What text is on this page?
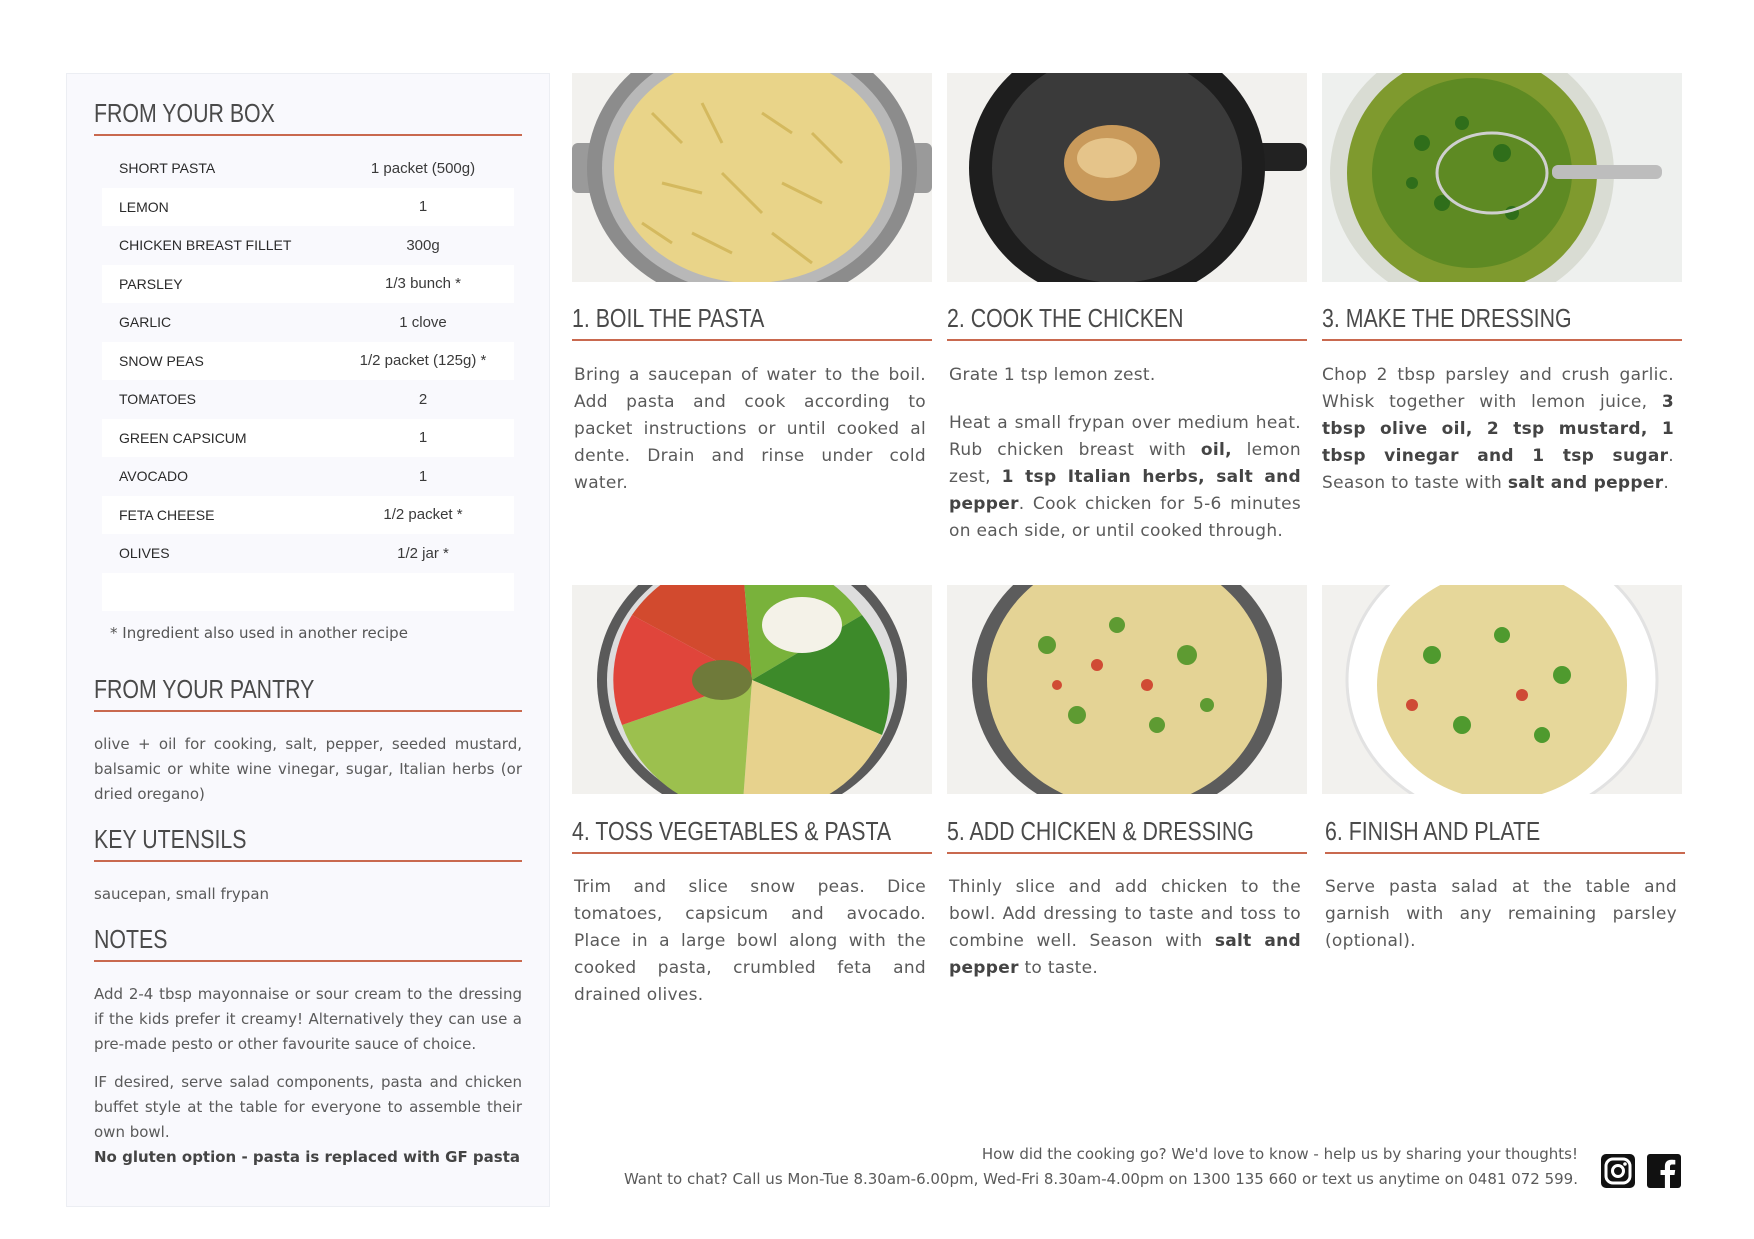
FROM YOUR BOX
SHORT PASTA	1 packet (500g)
LEMON	1
CHICKEN BREAST FILLET	300g
PARSLEY	1/3 bunch *
GARLIC	1 clove
SNOW PEAS	1/2 packet (125g) *
TOMATOES	2
GREEN CAPSICUM	1
AVOCADO	1
FETA CHEESE	1/2 packet *
OLIVES	1/2 jar *
* Ingredient also used in another recipe
FROM YOUR PANTRY
olive + oil for cooking, salt, pepper, seeded mustard, balsamic or white wine vinegar, sugar, Italian herbs (or dried oregano)
KEY UTENSILS
saucepan, small frypan
NOTES
Add 2-4 tbsp mayonnaise or sour cream to the dressing if the kids prefer it creamy! Alternatively they can use a pre-made pesto or other favourite sauce of choice.
IF desired, serve salad components, pasta and chicken buffet style at the table for everyone to assemble their own bowl.
No gluten option - pasta is replaced with GF pasta
1. BOIL THE PASTA

Bring a saucepan of water to the boil. Add pasta and cook according to packet instructions or until cooked al dente. Drain and rinse under cold water.

2. COOK THE CHICKEN

Grate 1 tsp lemon zest.

Heat a small frypan over medium heat. Rub chicken breast with oil, lemon zest, 1 tsp Italian herbs, salt and pepper. Cook chicken for 5-6 minutes on each side, or until cooked through.

3. MAKE THE DRESSING

Chop 2 tbsp parsley and crush garlic. Whisk together with lemon juice, 3 tbsp olive oil, 2 tsp mustard, 1 tbsp vinegar and 1 tsp sugar. Season to taste with salt and pepper.

4. TOSS VEGETABLES & PASTA

Trim and slice snow peas. Dice tomatoes, capsicum and avocado. Place in a large bowl along with the cooked pasta, crumbled feta and drained olives.

5. ADD CHICKEN & DRESSING

Thinly slice and add chicken to the bowl. Add dressing to taste and toss to combine well. Season with salt and pepper to taste.

6. FINISH AND PLATE

Serve pasta salad at the table and garnish with any remaining parsley (optional).

How did the cooking go? We'd love to know - help us by sharing your thoughts!
Want to chat? Call us Mon-Tue 8.30am-6.00pm, Wed-Fri 8.30am-4.00pm on 1300 135 660 or text us anytime on 0481 072 599.
